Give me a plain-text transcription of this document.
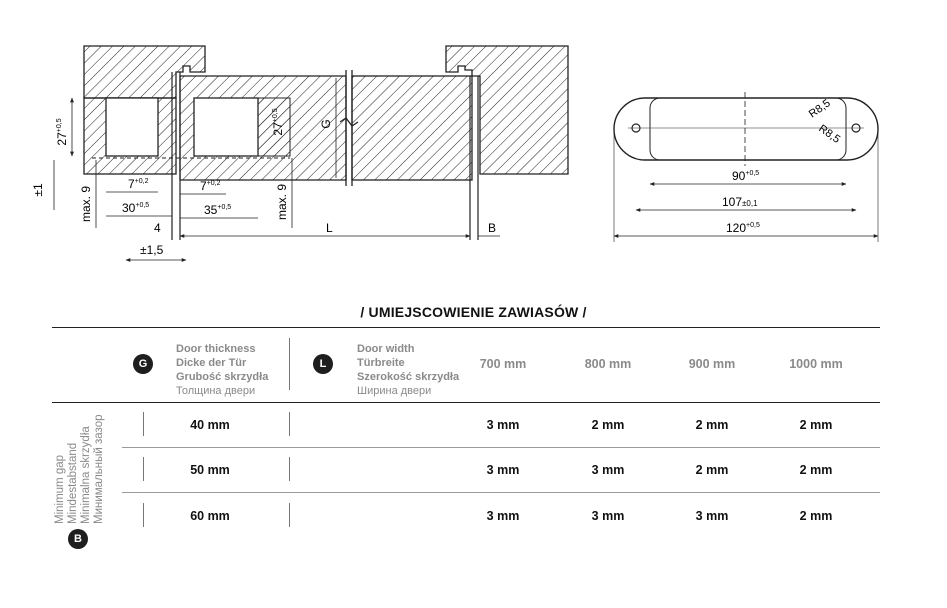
$27^{+0,5}$
±1	max. 9
$7^{+0,2}$
$30^{+0,5}$
$7^{+0,2}$
$35^{+0,5}$
$27^{+0,5}$
max. 9
G
4	L	B
±1,5
R8,5
R8,5
$90^{+0,5}$
107±0,1
$120^{+0,5}$
/ UMIEJSCOWIENIE ZAWIASÓW /
G
Door thickness
Dicke der Tür
Grubość skrzydła
Толщина двери
L
Door width
Türbreite
Szerokość skrzydła
Ширина двери
700 mm	800 mm	900 mm	1000 mm
40 mm	3 mm	2 mm	2 mm	2 mm
50 mm	3 mm	3 mm	2 mm	2 mm
60 mm	3 mm	3 mm	3 mm	2 mm
Minimum gap Mindestabstand Minimalna skrzydła Минимальный зазор
B
